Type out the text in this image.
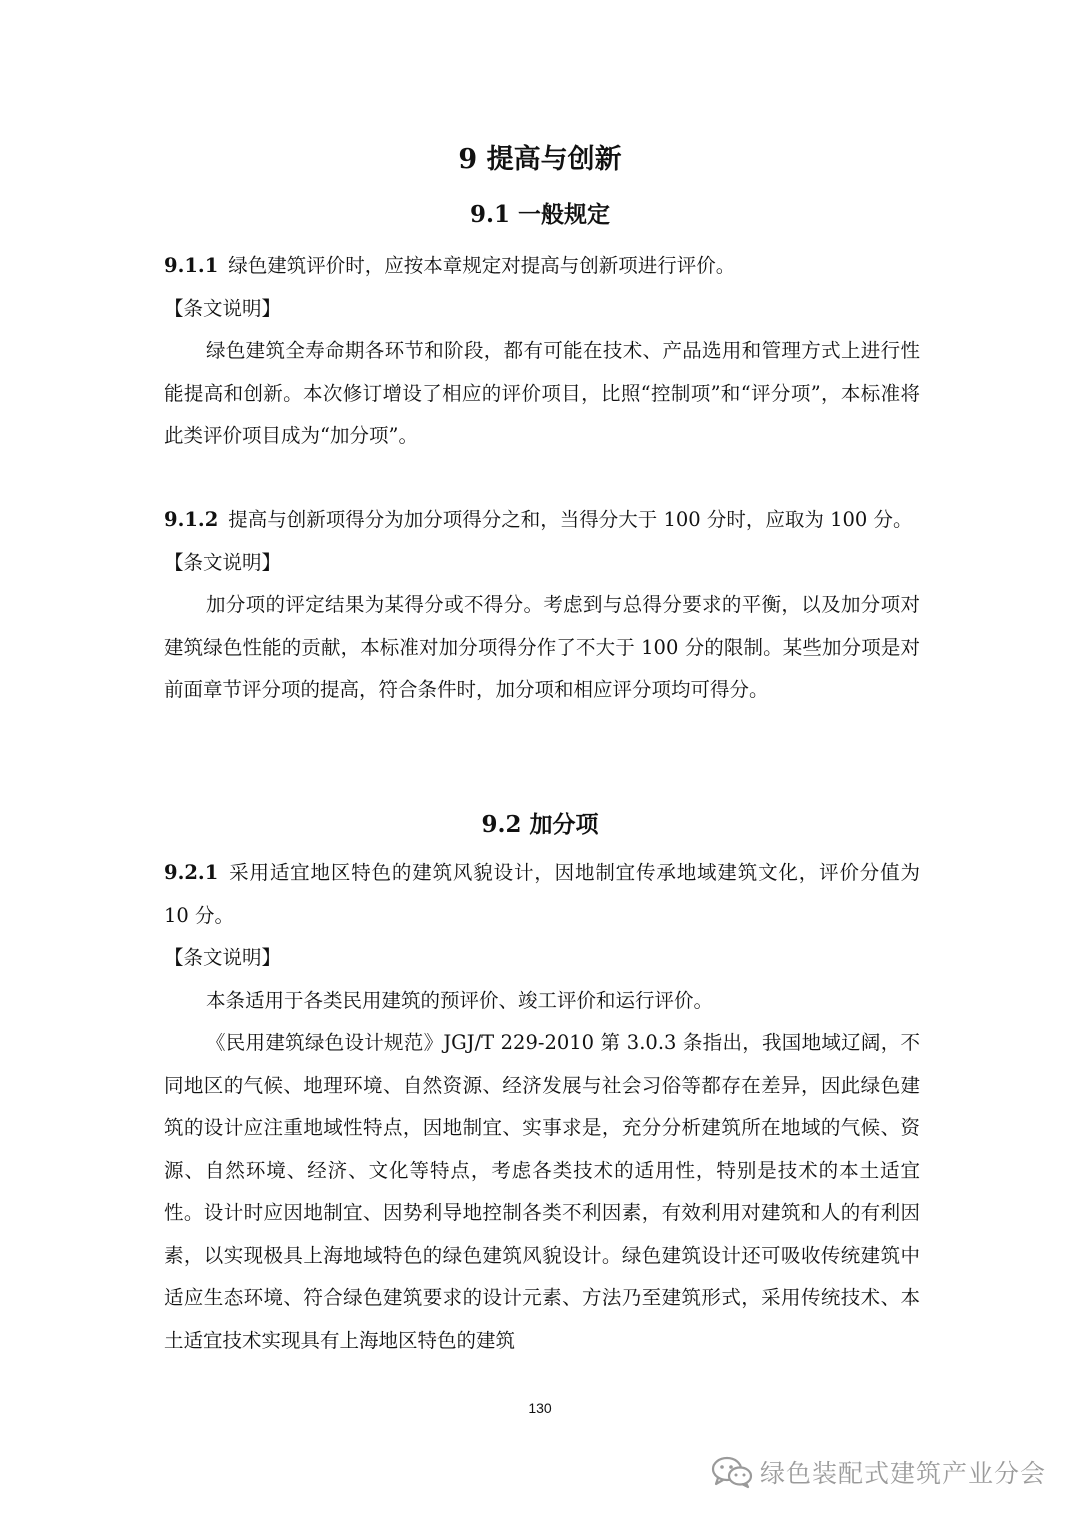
9 提高与创新
9.1 一般规定

9.1.1 绿色建筑评价时，应按本章规定对提高与创新项进行评价。

【条文说明】

绿色建筑全寿命期各环节和阶段，都有可能在技术、产品选用和管理方式上进行性能提高和创新。本次修订增设了相应的评价项目，比照“控制项”和“评分项”，本标准将此类评价项目成为“加分项”。

9.1.2 提高与创新项得分为加分项得分之和，当得分大于 100 分时，应取为 100 分。

【条文说明】

加分项的评定结果为某得分或不得分。考虑到与总得分要求的平衡，以及加分项对建筑绿色性能的贡献，本标准对加分项得分作了不大于 100 分的限制。某些加分项是对前面章节评分项的提高，符合条件时，加分项和相应评分项均可得分。

9.2 加分项

9.2.1 采用适宜地区特色的建筑风貌设计，因地制宜传承地域建筑文化，评价分值为 10 分。

【条文说明】

本条适用于各类民用建筑的预评价、竣工评价和运行评价。

《民用建筑绿色设计规范》JGJ/T 229-2010 第 3.0.3 条指出，我国地域辽阔，不同地区的气候、地理环境、自然资源、经济发展与社会习俗等都存在差异，因此绿色建筑的设计应注重地域性特点，因地制宜、实事求是，充分分析建筑所在地域的气候、资源、自然环境、经济、文化等特点，考虑各类技术的适用性，特别是技术的本土适宜性。设计时应因地制宜、因势利导地控制各类不利因素，有效利用对建筑和人的有利因素，以实现极具上海地域特色的绿色建筑风貌设计。绿色建筑设计还可吸收传统建筑中适应生态环境、符合绿色建筑要求的设计元素、方法乃至建筑形式，采用传统技术、本土适宜技术实现具有上海地区特色的建筑

130
绿色装配式建筑产业分会
